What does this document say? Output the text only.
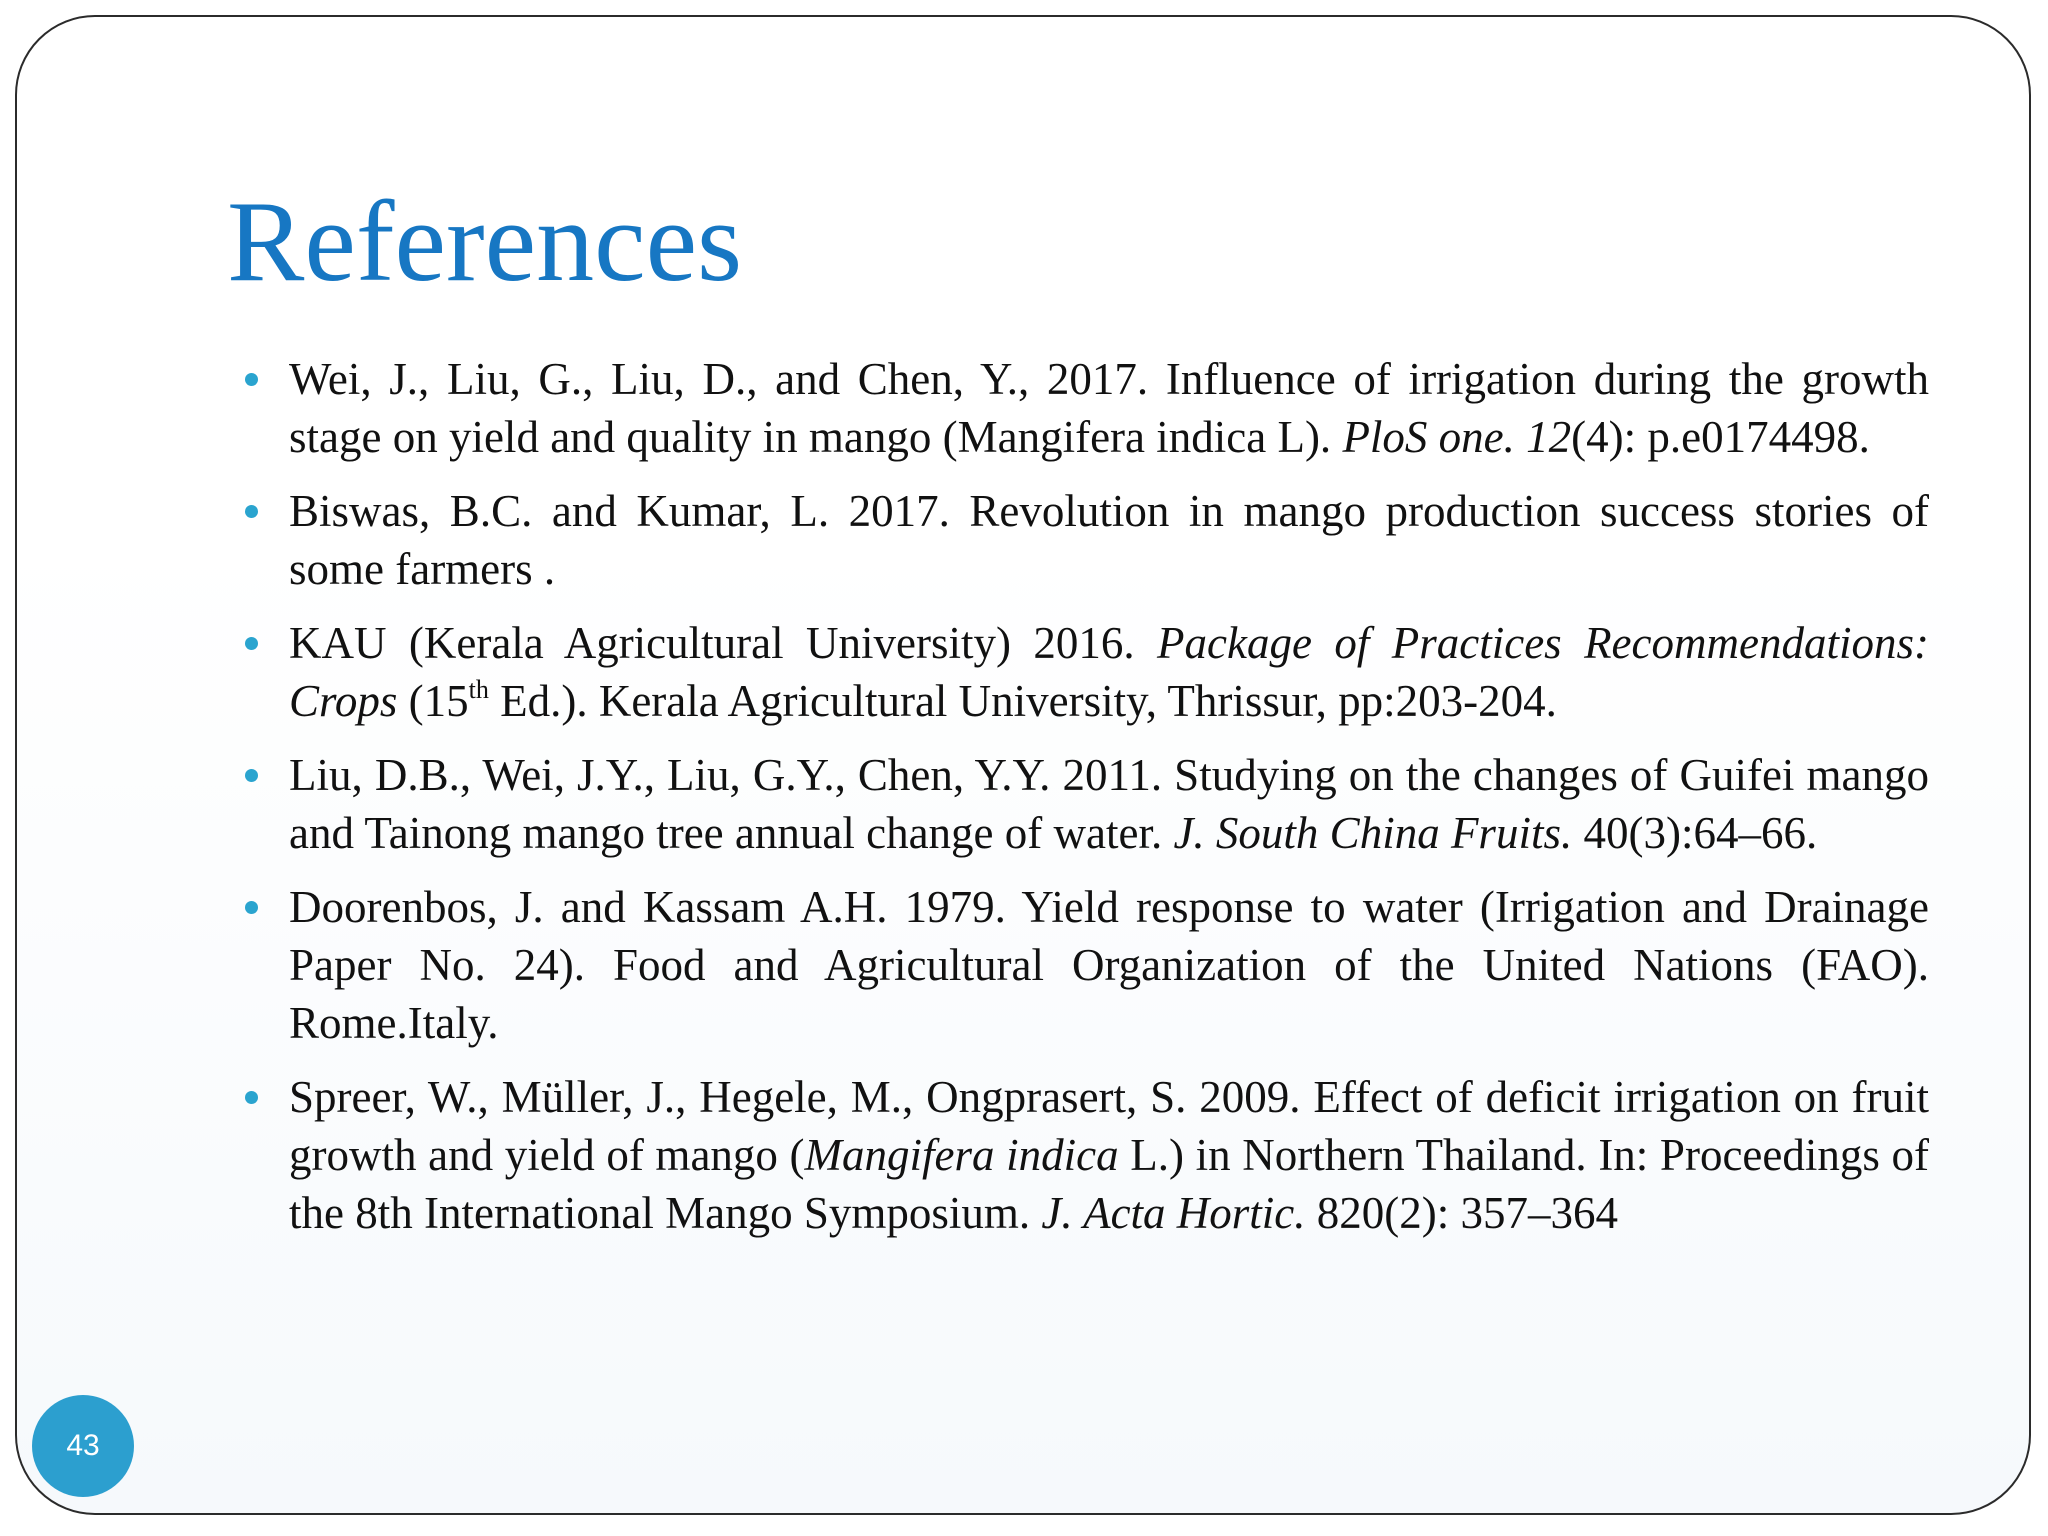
References
Wei, J., Liu, G., Liu, D., and Chen, Y., 2017. Influence of irrigation during the growth stage on yield and quality in mango (Mangifera indica L). PloS one. 12(4): p.e0174498.
Biswas, B.C. and Kumar, L. 2017. Revolution in mango production success stories of some farmers .
KAU (Kerala Agricultural University) 2016. Package of Practices Recommendations: Crops (15th Ed.). Kerala Agricultural University, Thrissur, pp:203-204.
Liu, D.B., Wei, J.Y., Liu, G.Y., Chen, Y.Y. 2011. Studying on the changes of Guifei mango and Tainong mango tree annual change of water. J. South China Fruits. 40(3):64–66.
Doorenbos, J. and Kassam A.H. 1979. Yield response to water (Irrigation and Drainage Paper No. 24). Food and Agricultural Organization of the United Nations (FAO). Rome.Italy.
Spreer, W., Müller, J., Hegele, M., Ongprasert, S. 2009. Effect of deficit irrigation on fruit growth and yield of mango (Mangifera indica L.) in Northern Thailand. In: Proceedings of the 8th International Mango Symposium. J. Acta Hortic. 820(2): 357–364
43
